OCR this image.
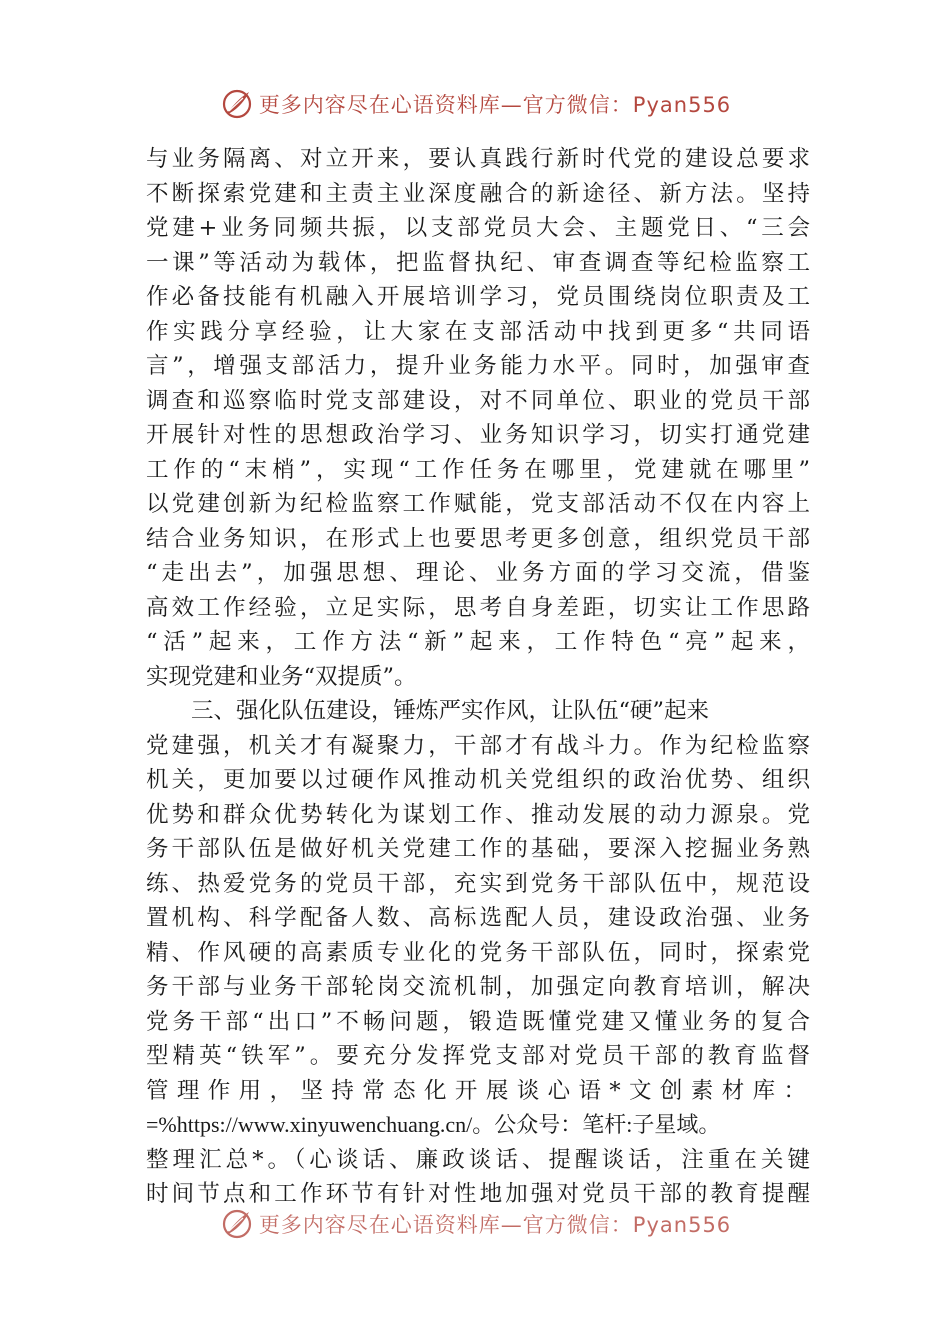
更多内容尽在心语资料库—官方微信：Pyan556
与业务隔离、对立开来，要认真践行新时代党的建设总要求
不断探索党建和主责主业深度融合的新途径、新方法。坚持
党建+业务同频共振，以支部党员大会、主题党日、“三会
一课”等活动为载体，把监督执纪、审查调查等纪检监察工
作必备技能有机融入开展培训学习，党员围绕岗位职责及工
作实践分享经验，让大家在支部活动中找到更多“共同语
言”，增强支部活力，提升业务能力水平。同时，加强审查
调查和巡察临时党支部建设，对不同单位、职业的党员干部
开展针对性的思想政治学习、业务知识学习，切实打通党建
工作的“末梢”，实现“工作任务在哪里，党建就在哪里”
以党建创新为纪检监察工作赋能，党支部活动不仅在内容上
结合业务知识，在形式上也要思考更多创意，组织党员干部
“走出去”，加强思想、理论、业务方面的学习交流，借鉴
高效工作经验，立足实际，思考自身差距，切实让工作思路
“活”起来，工作方法“新”起来，工作特色“亮”起来，
实现党建和业务“双提质”。
三、强化队伍建设，锤炼严实作风，让队伍“硬”起来
党建强，机关才有凝聚力，干部才有战斗力。作为纪检监察
机关，更加要以过硬作风推动机关党组织的政治优势、组织
优势和群众优势转化为谋划工作、推动发展的动力源泉。党
务干部队伍是做好机关党建工作的基础，要深入挖掘业务熟
练、热爱党务的党员干部，充实到党务干部队伍中，规范设
置机构、科学配备人数、高标选配人员，建设政治强、业务
精、作风硬的高素质专业化的党务干部队伍，同时，探索党
务干部与业务干部轮岗交流机制，加强定向教育培训，解决
党务干部“出口”不畅问题，锻造既懂党建又懂业务的复合
型精英“铁军”。要充分发挥党支部对党员干部的教育监督
管理作用，坚持常态化开展谈心语*文创素材库：
=%https://www.xinyuwenchuang.cn/。公众号：笔杆:子星域。
整理汇总*。（心谈话、廉政谈话、提醒谈话，注重在关键
时间节点和工作环节有针对性地加强对党员干部的教育提醒
更多内容尽在心语资料库—官方微信：Pyan556
